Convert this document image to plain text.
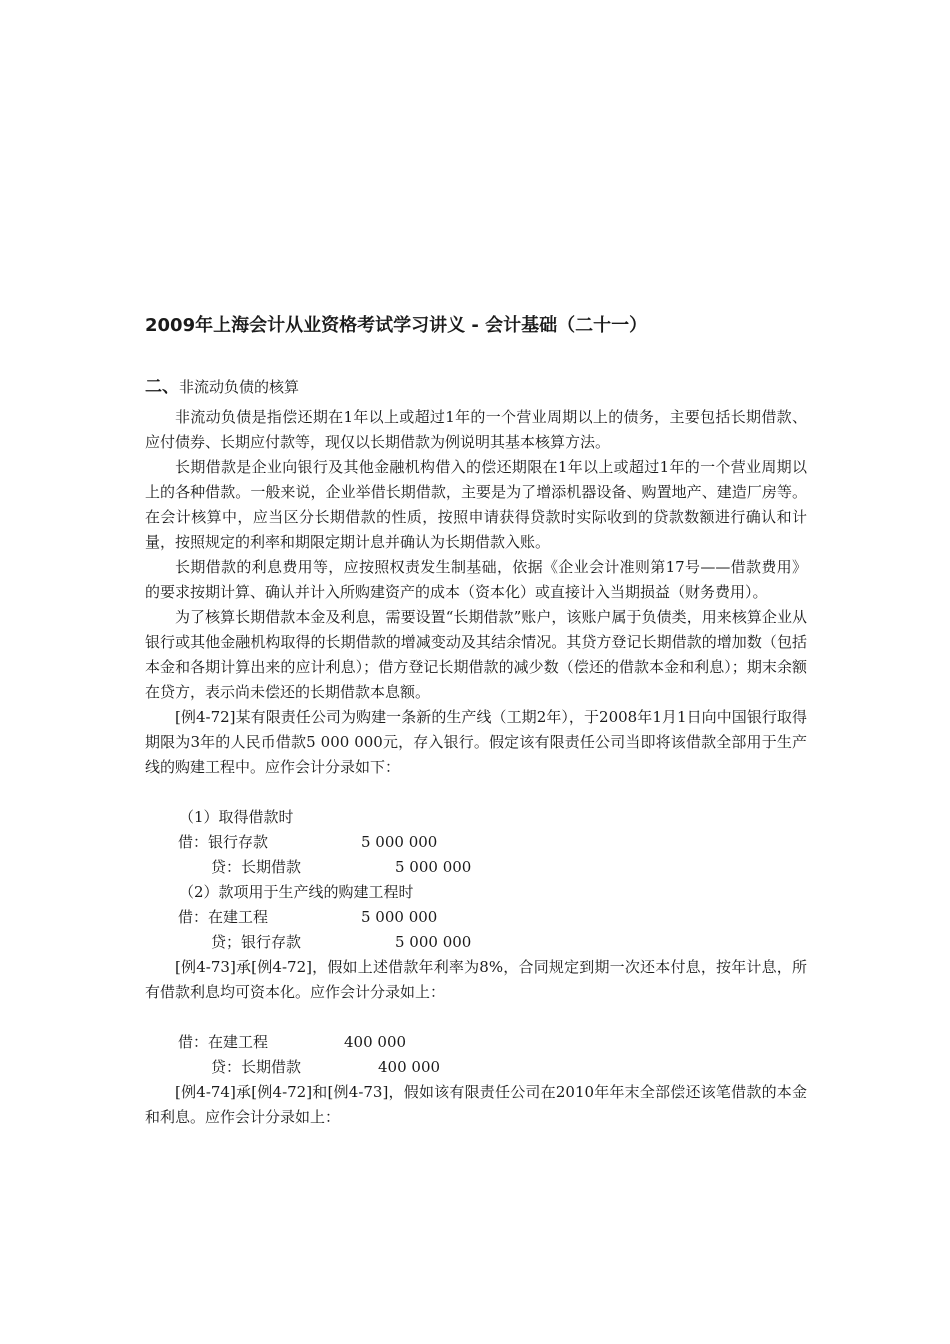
2009年上海会计从业资格考试学习讲义 - 会计基础（二十一）
二、非流动负债的核算

非流动负债是指偿还期在1年以上或超过1年的一个营业周期以上的债务，主要包括长期借款、应付债券、长期应付款等，现仅以长期借款为例说明其基本核算方法。

长期借款是企业向银行及其他金融机构借入的偿还期限在1年以上或超过1年的一个营业周期以上的各种借款。一般来说，企业举借长期借款，主要是为了增添机器设备、购置地产、建造厂房等。在会计核算中，应当区分长期借款的性质，按照申请获得贷款时实际收到的贷款数额进行确认和计量，按照规定的利率和期限定期计息并确认为长期借款入账。

长期借款的利息费用等，应按照权责发生制基础，依据《企业会计准则第17号——借款费用》的要求按期计算、确认并计入所购建资产的成本（资本化）或直接计入当期损益（财务费用）。

为了核算长期借款本金及利息，需要设置“长期借款”账户，该账户属于负债类，用来核算企业从银行或其他金融机构取得的长期借款的增减变动及其结余情况。其贷方登记长期借款的增加数（包括本金和各期计算出来的应计利息）；借方登记长期借款的减少数（偿还的借款本金和利息）；期末余额在贷方，表示尚未偿还的长期借款本息额。

[例4-72]某有限责任公司为购建一条新的生产线（工期2年），于2008年1月1日向中国银行取得期限为3年的人民币借款5 000 000元，存入银行。假定该有限责任公司当即将该借款全部用于生产线的购建工程中。应作会计分录如下：

（1）取得借款时
借：银行存款	5 000 000
贷：长期借款	5 000 000
（2）款项用于生产线的购建工程时
借：在建工程	5 000 000
贷；银行存款	5 000 000

[例4-73]承[例4-72]，假如上述借款年利率为8%，合同规定到期一次还本付息，按年计息，所有借款利息均可资本化。应作会计分录如上：

借：在建工程	400 000
贷：长期借款	400 000

[例4-74]承[例4-72]和[例4-73]，假如该有限责任公司在2010年年末全部偿还该笔借款的本金和利息。应作会计分录如上：
